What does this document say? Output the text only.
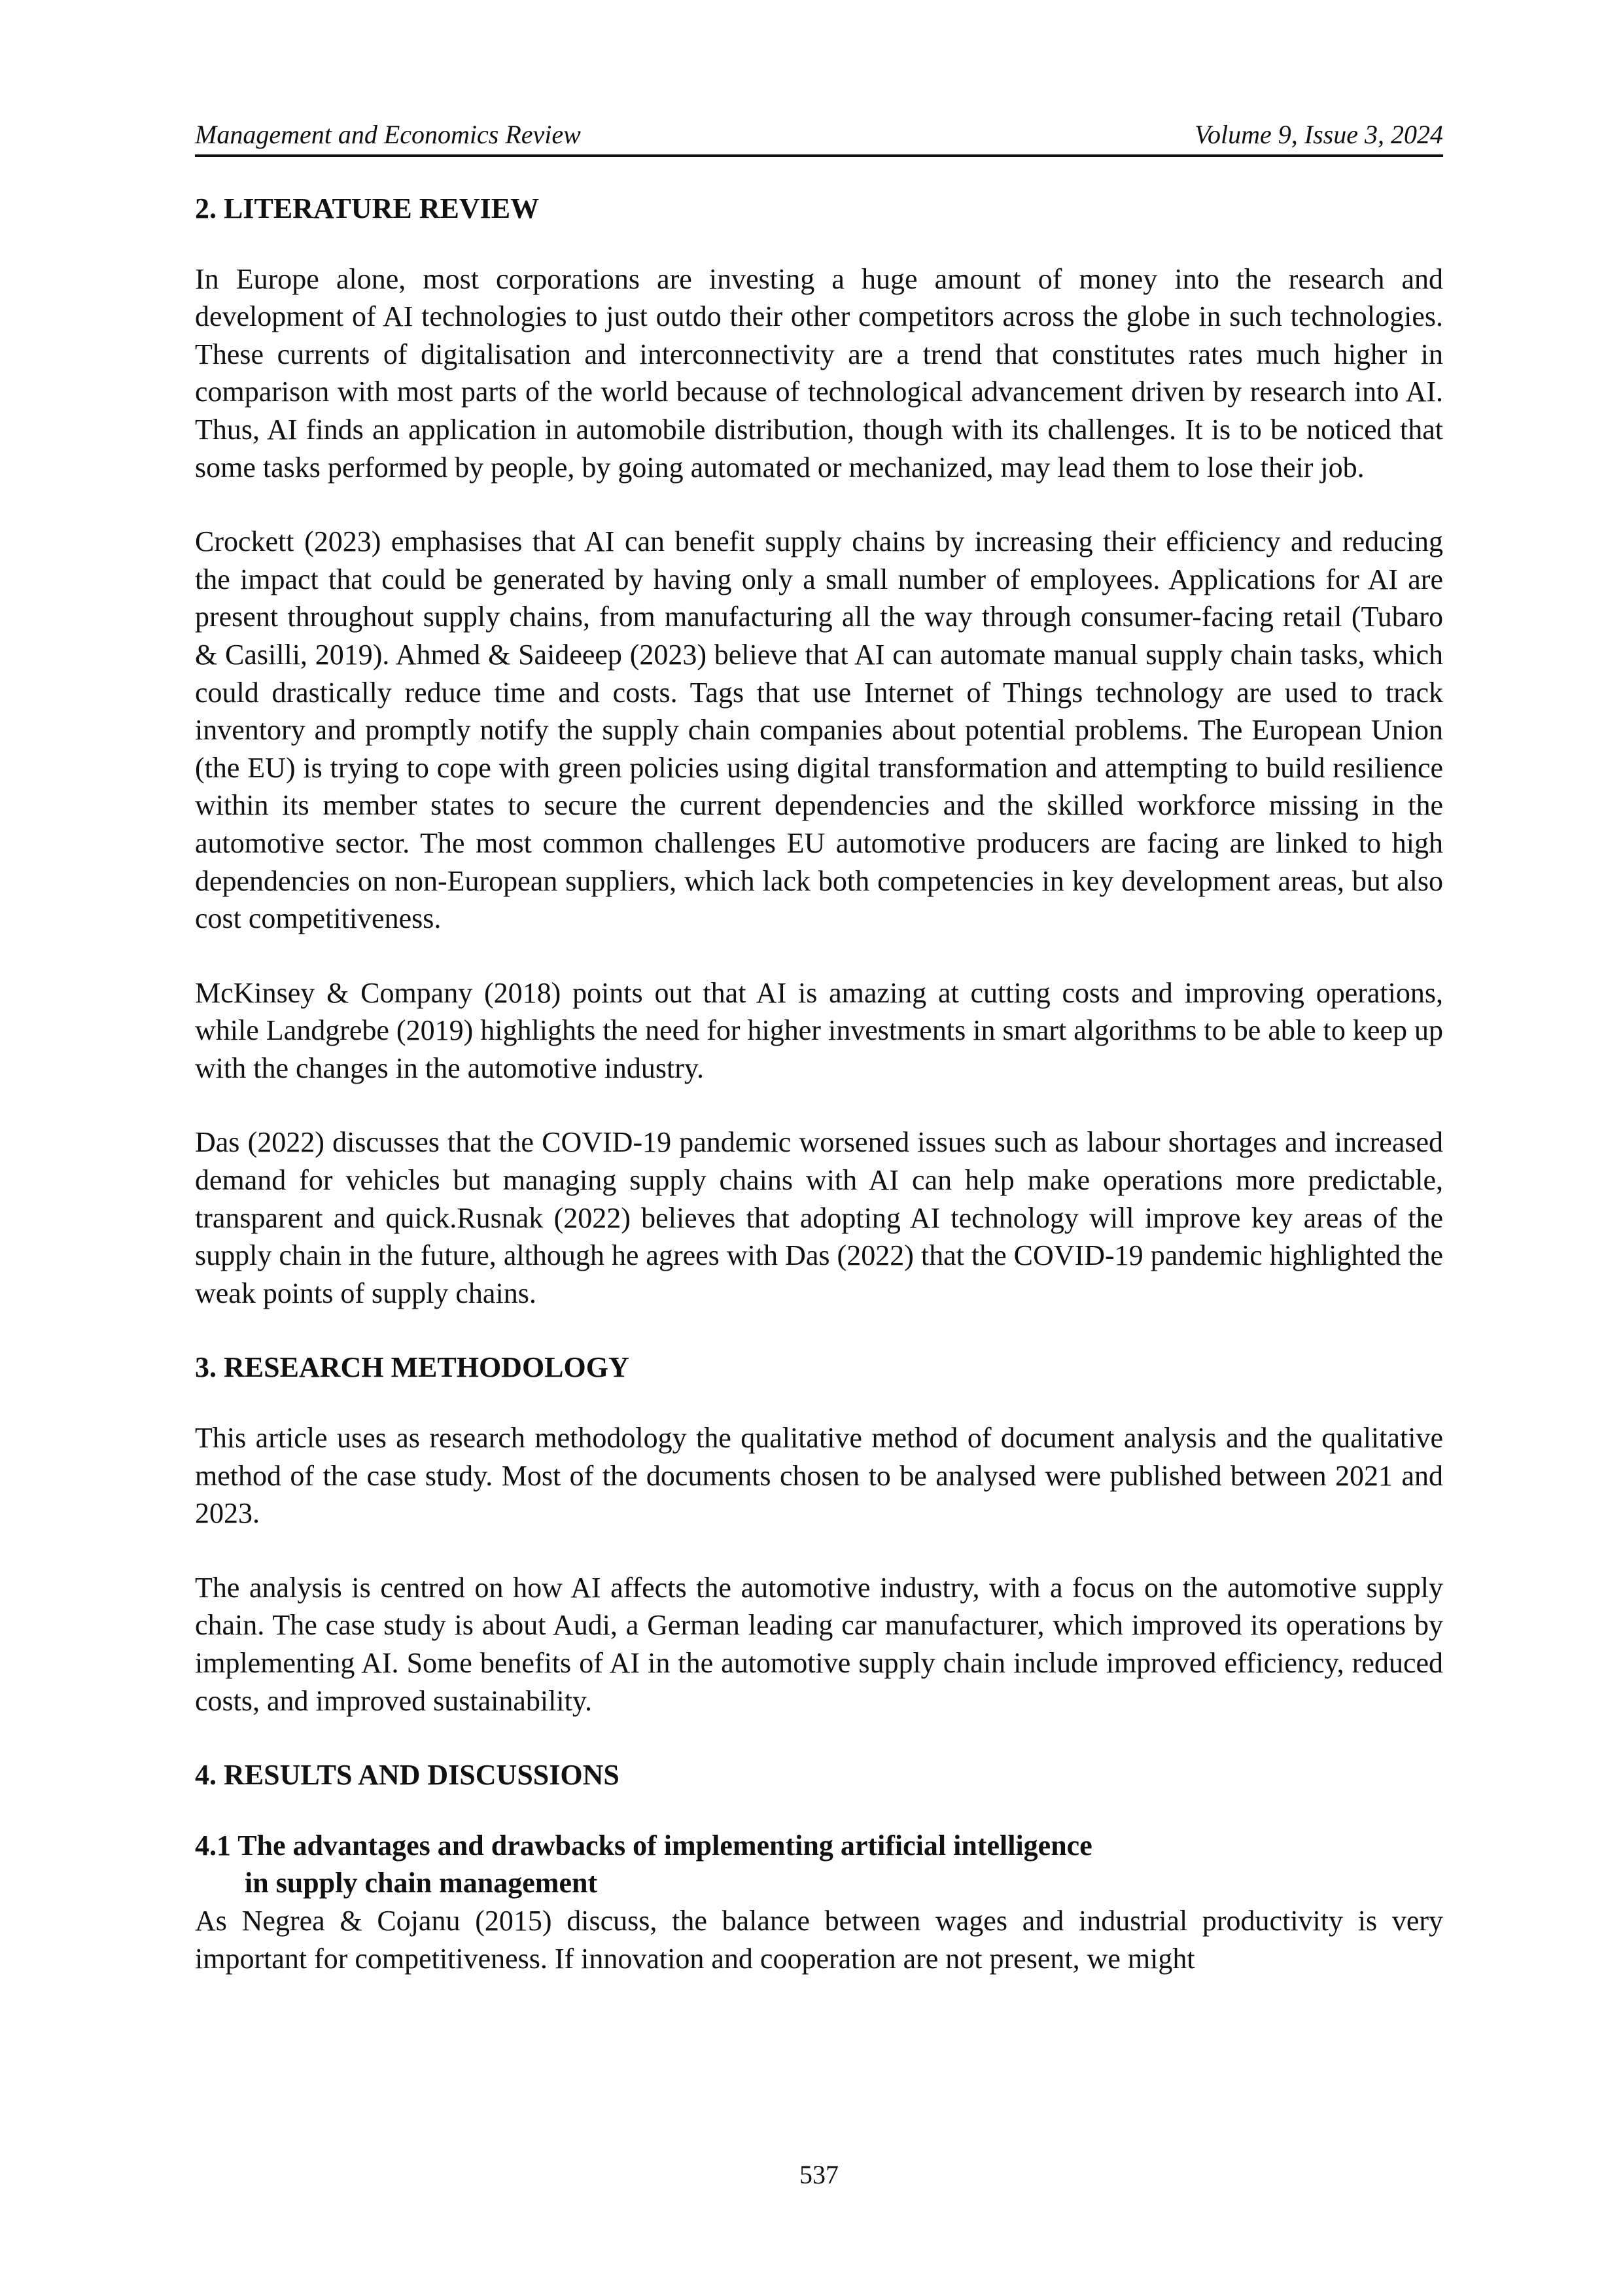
Management and Economics Review	Volume 9, Issue 3, 2024
2. LITERATURE REVIEW

In Europe alone, most corporations are investing a huge amount of money into the research and development of AI technologies to just outdo their other competitors across the globe in such technologies. These currents of digitalisation and interconnectivity are a trend that constitutes rates much higher in comparison with most parts of the world because of technological advancement driven by research into AI. Thus, AI finds an application in automobile distribution, though with its challenges. It is to be noticed that some tasks performed by people, by going automated or mechanized, may lead them to lose their job.

Crockett (2023) emphasises that AI can benefit supply chains by increasing their efficiency and reducing the impact that could be generated by having only a small number of employees. Applications for AI are present throughout supply chains, from manufacturing all the way through consumer-facing retail (Tubaro & Casilli, 2019). Ahmed & Saideeep (2023) believe that AI can automate manual supply chain tasks, which could drastically reduce time and costs. Tags that use Internet of Things technology are used to track inventory and promptly notify the supply chain companies about potential problems. The European Union (the EU) is trying to cope with green policies using digital transformation and attempting to build resilience within its member states to secure the current dependencies and the skilled workforce missing in the automotive sector. The most common challenges EU automotive producers are facing are linked to high dependencies on non-European suppliers, which lack both competencies in key development areas, but also cost competitiveness.

McKinsey & Company (2018) points out that AI is amazing at cutting costs and improving operations, while Landgrebe (2019) highlights the need for higher investments in smart algorithms to be able to keep up with the changes in the automotive industry.

Das (2022) discusses that the COVID-19 pandemic worsened issues such as labour shortages and increased demand for vehicles but managing supply chains with AI can help make operations more predictable, transparent and quick.Rusnak (2022) believes that adopting AI technology will improve key areas of the supply chain in the future, although he agrees with Das (2022) that the COVID-19 pandemic highlighted the weak points of supply chains.

3. RESEARCH METHODOLOGY

This article uses as research methodology the qualitative method of document analysis and the qualitative method of the case study. Most of the documents chosen to be analysed were published between 2021 and 2023.

The analysis is centred on how AI affects the automotive industry, with a focus on the automotive supply chain. The case study is about Audi, a German leading car manufacturer, which improved its operations by implementing AI. Some benefits of AI in the automotive supply chain include improved efficiency, reduced costs, and improved sustainability.

4. RESULTS AND DISCUSSIONS
4.1 The advantages and drawbacks of implementing artificial intelligence
in supply chain management

As Negrea & Cojanu (2015) discuss, the balance between wages and industrial productivity is very important for competitiveness. If innovation and cooperation are not present, we might

537
